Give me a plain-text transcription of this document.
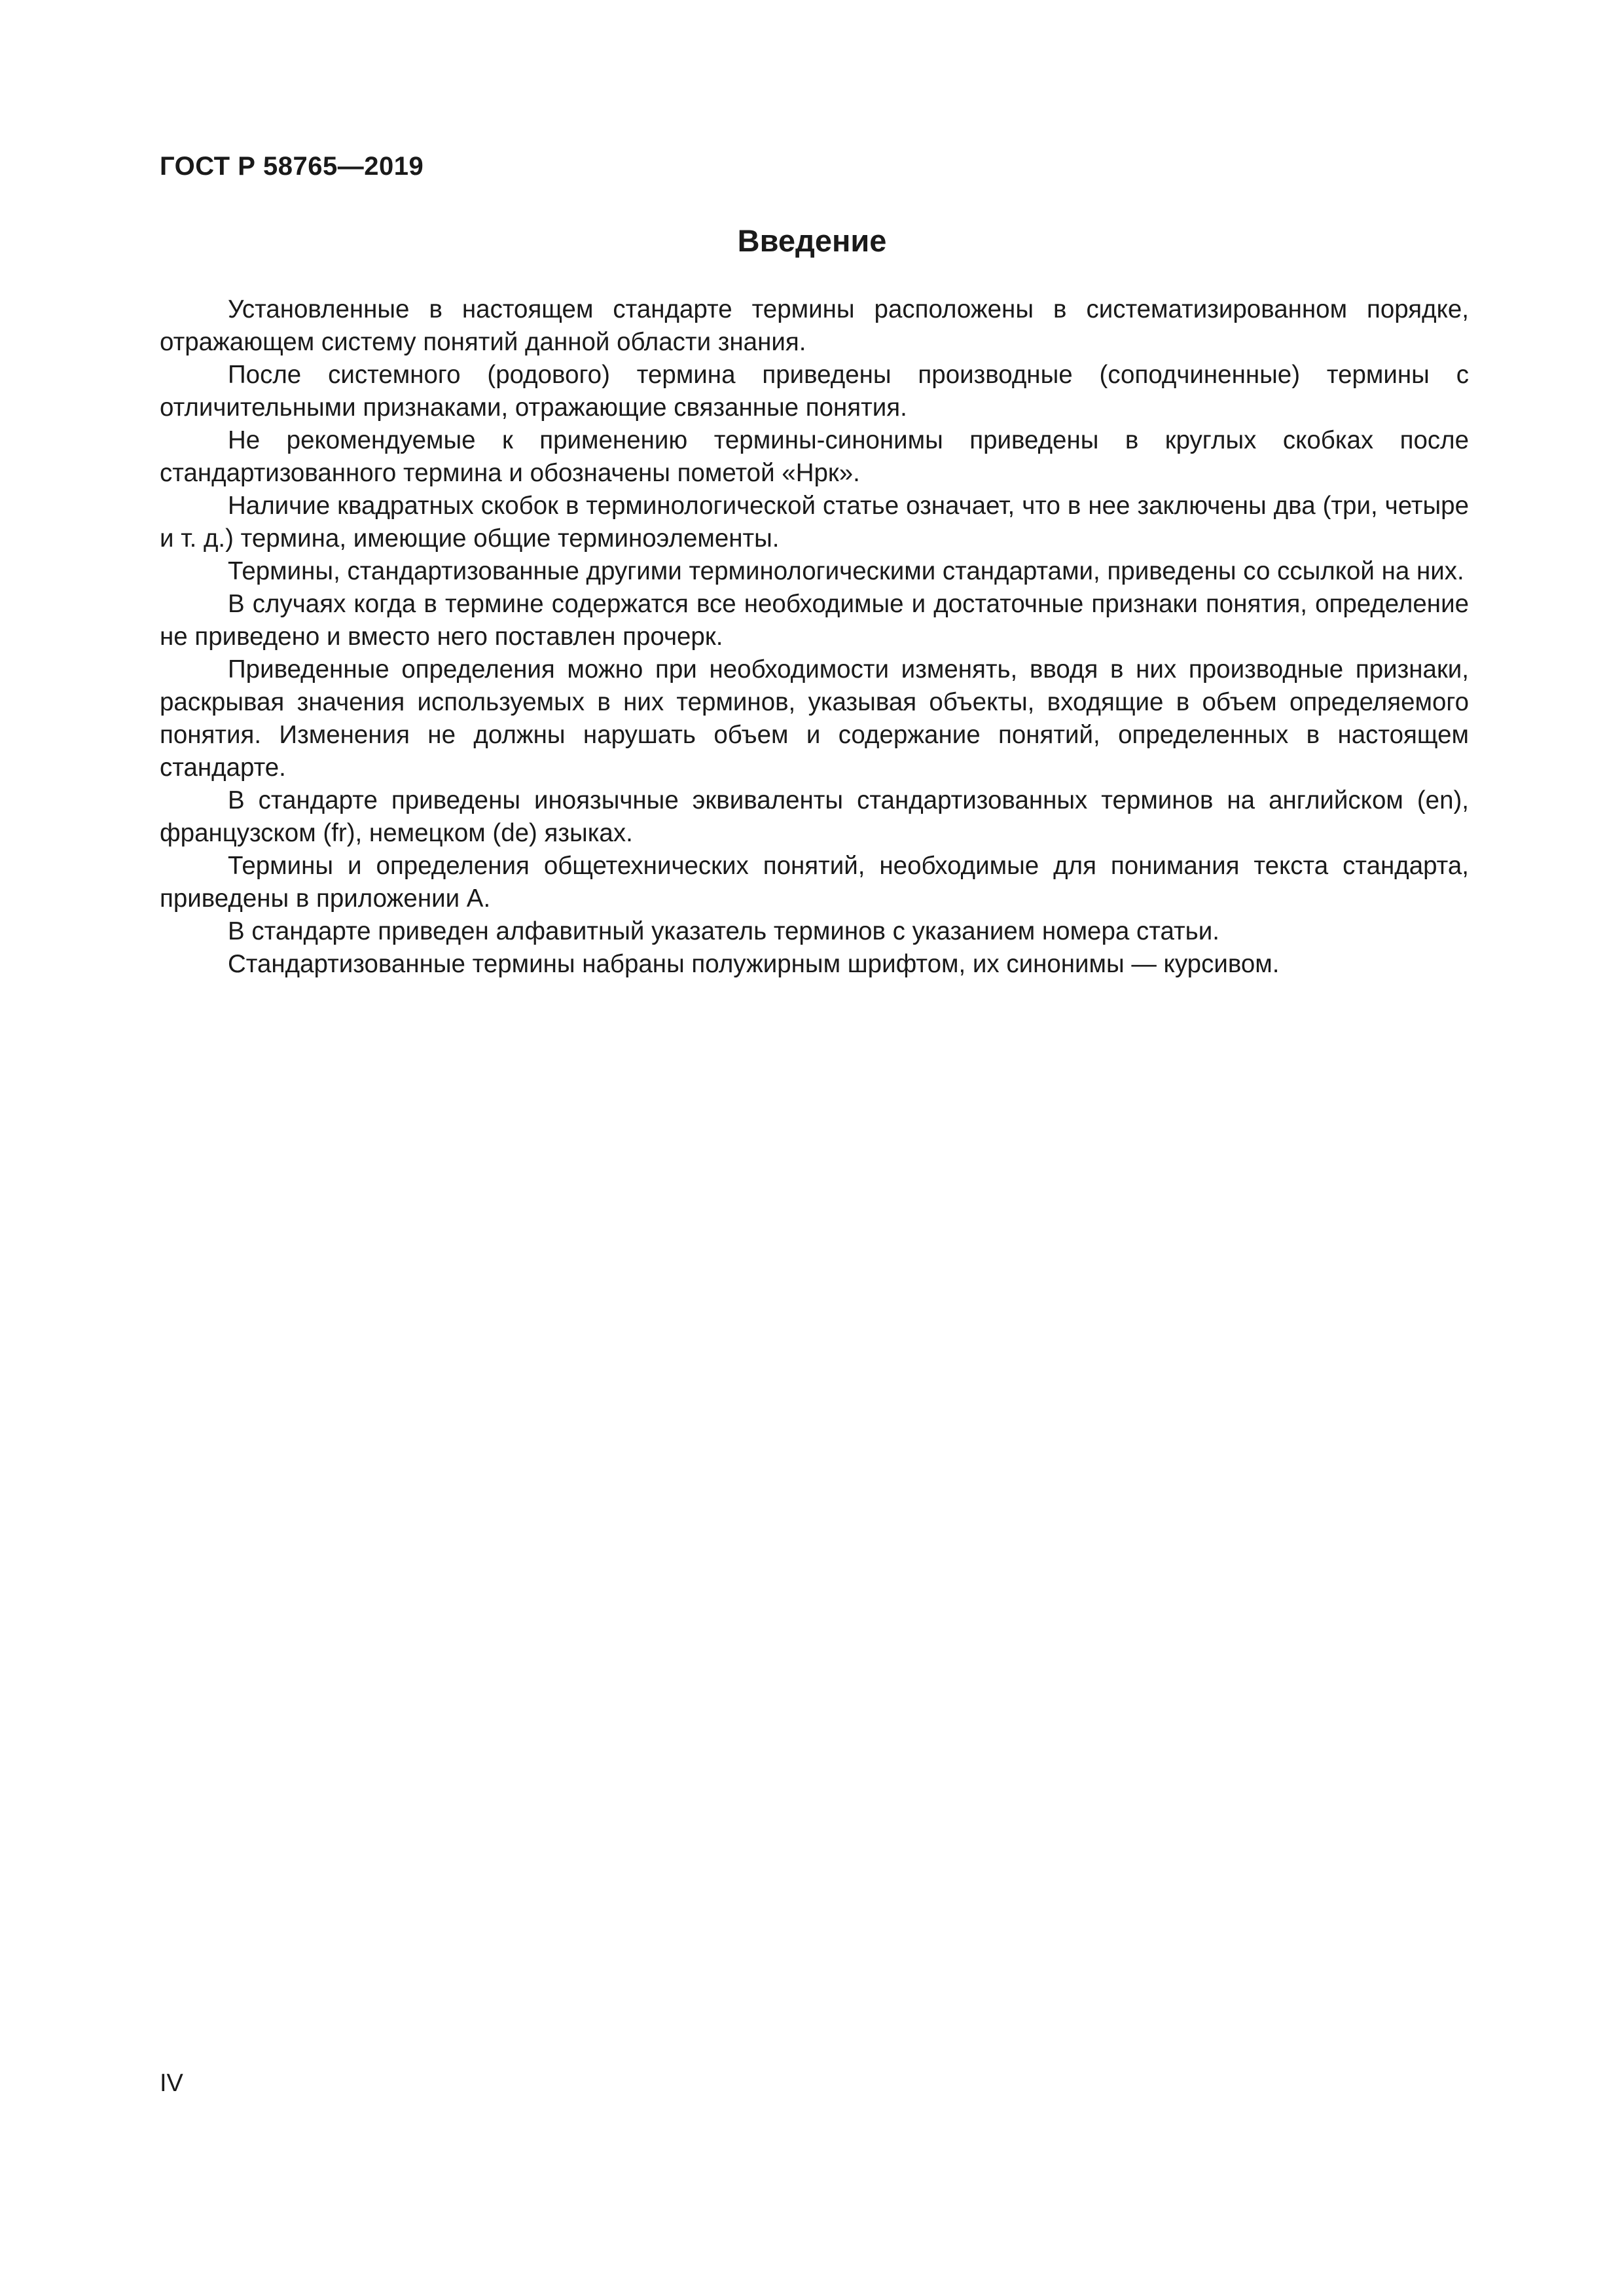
ГОСТ Р 58765—2019
Введение

Установленные в настоящем стандарте термины расположены в систематизированном порядке, отражающем систему понятий данной области знания.

После системного (родового) термина приведены производные (соподчиненные) термины с отличительными признаками, отражающие связанные понятия.

Не рекомендуемые к применению термины-синонимы приведены в круглых скобках после стандартизованного термина и обозначены пометой «Нрк».

Наличие квадратных скобок в терминологической статье означает, что в нее заключены два (три, четыре и т. д.) термина, имеющие общие терминоэлементы.

Термины, стандартизованные другими терминологическими стандартами, приведены со ссылкой на них.

В случаях когда в термине содержатся все необходимые и достаточные признаки понятия, определение не приведено и вместо него поставлен прочерк.

Приведенные определения можно при необходимости изменять, вводя в них производные признаки, раскрывая значения используемых в них терминов, указывая объекты, входящие в объем определяемого понятия. Изменения не должны нарушать объем и содержание понятий, определенных в настоящем стандарте.

В стандарте приведены иноязычные эквиваленты стандартизованных терминов на английском (en), французском (fr), немецком (de) языках.

Термины и определения общетехнических понятий, необходимые для понимания текста стандарта, приведены в приложении А.

В стандарте приведен алфавитный указатель терминов с указанием номера статьи.

Стандартизованные термины набраны полужирным шрифтом, их синонимы — курсивом.

IV
